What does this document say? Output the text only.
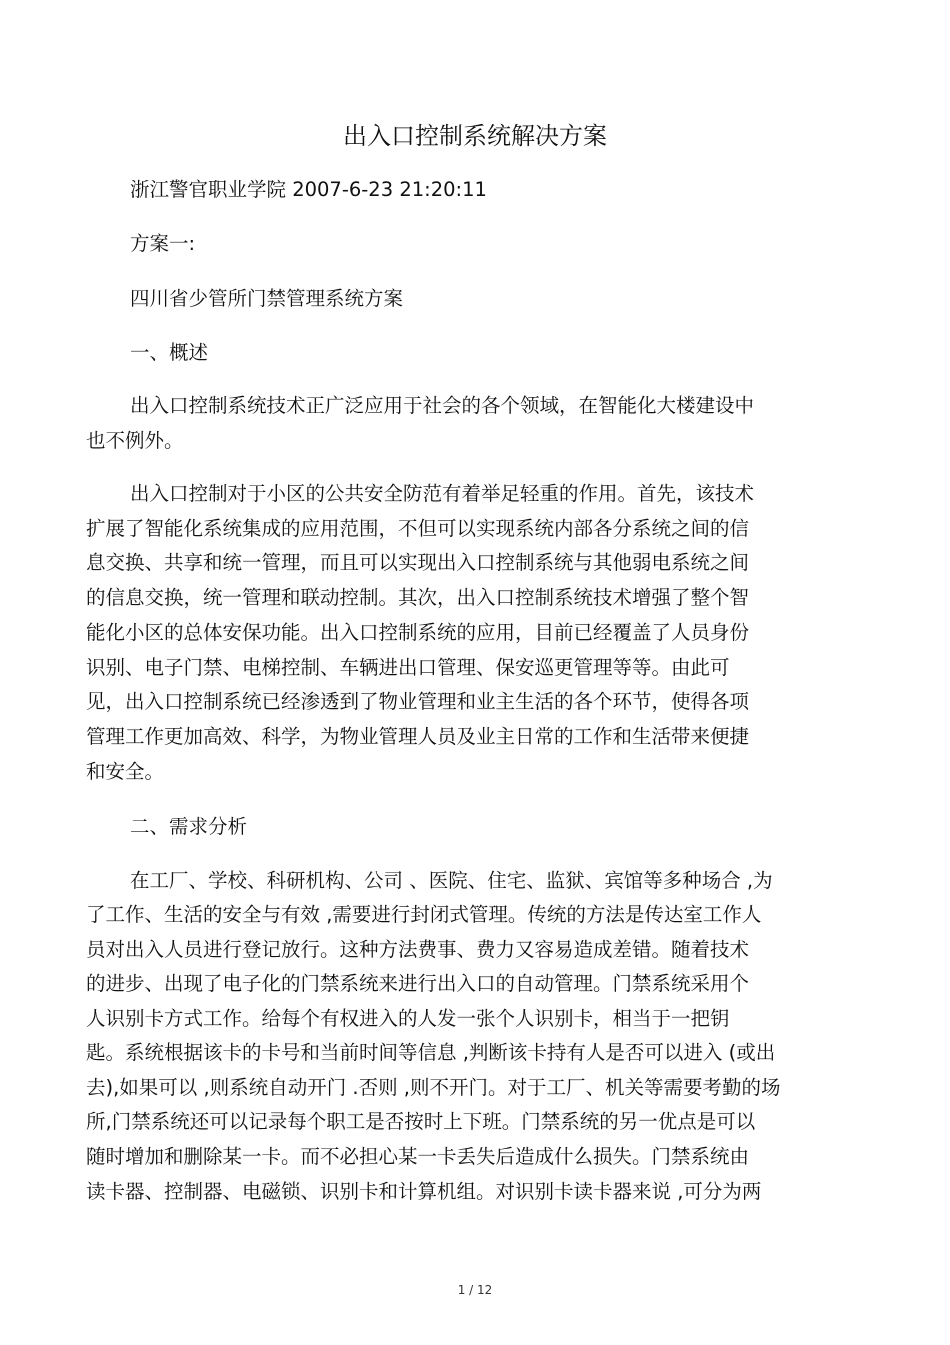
出入口控制系统解决方案

浙江警官职业学院 2007-6-23 21:20:11

方案一:

四川省少管所门禁管理系统方案

一、概述

出入口控制系统技术正广泛应用于社会的各个领域，在智能化大楼建设中

也不例外。

出入口控制对于小区的公共安全防范有着举足轻重的作用。首先，该技术

扩展了智能化系统集成的应用范围，不但可以实现系统内部各分系统之间的信

息交换、共享和统一管理，而且可以实现出入口控制系统与其他弱电系统之间

的信息交换，统一管理和联动控制。其次，出入口控制系统技术增强了整个智

能化小区的总体安保功能。出入口控制系统的应用，目前已经覆盖了人员身份

识别、电子门禁、电梯控制、车辆进出口管理、保安巡更管理等等。由此可

见，出入口控制系统已经渗透到了物业管理和业主生活的各个环节，使得各项

管理工作更加高效、科学，为物业管理人员及业主日常的工作和生活带来便捷

和安全。

二、需求分析

在工厂、学校、科研机构、公司 、医院、住宅、监狱、宾馆等多种场合 ,为

了工作、生活的安全与有效 ,需要进行封闭式管理。传统的方法是传达室工作人

员对出入人员进行登记放行。这种方法费事、费力又容易造成差错。随着技术

的进步、出现了电子化的门禁系统来进行出入口的自动管理。门禁系统采用个

人识别卡方式工作。给每个有权进入的人发一张个人识别卡，相当于一把钥

匙。系统根据该卡的卡号和当前时间等信息 ,判断该卡持有人是否可以进入 (或出

去),如果可以 ,则系统自动开门 .否则 ,则不开门。对于工厂、机关等需要考勤的场

所,门禁系统还可以记录每个职工是否按时上下班。门禁系统的另一优点是可以

随时增加和删除某一卡。而不必担心某一卡丢失后造成什么损失。门禁系统由

读卡器、控制器、电磁锁、识别卡和计算机组。对识别卡读卡器来说 ,可分为两

1 / 12
